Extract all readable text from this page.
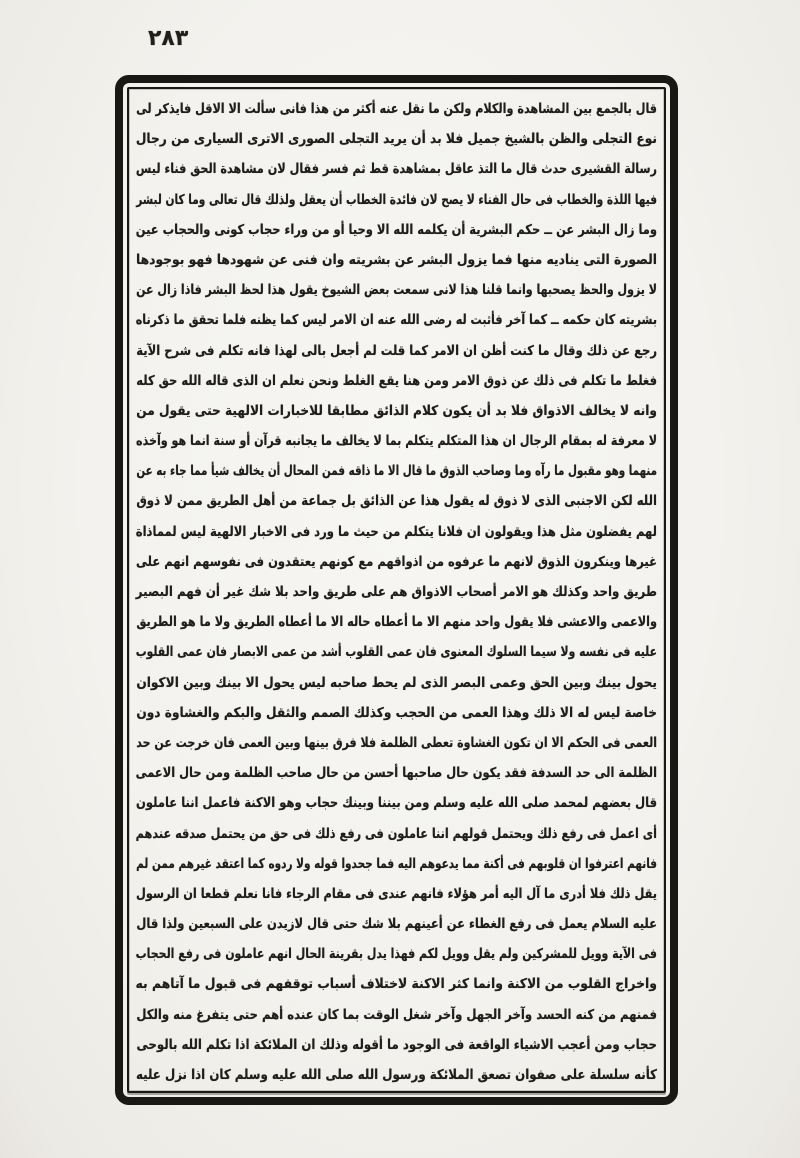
٢٨٣
قال بالجمع بين المشاهدة والكلام ولكن ما نقل عنه أكثر من هذا فانى سألت الا الاقل فايذكر لى
نوع التجلى والظن بالشيخ جميل فلا بد أن يريد التجلى الصورى الاترى السيارى من رجال
رسالة القشيرى حدث قال ما التذ عاقل بمشاهدة قط ثم فسر فقال لان مشاهدة الحق فناء ليس
فيها اللذة والخطاب فى حال الفناء لا يصح لان فائدة الخطاب أن يعقل ولذلك قال تعالى وما كان لبشر
وما زال البشر عن ــ حكم البشرية أن يكلمه الله الا وحيا أو من وراء حجاب كونى والحجاب عين
الصورة التى يناديه منها فما يزول البشر عن بشريته وان فنى عن شهودها فهو بوجودها
لا يزول والحظ يصحبها وانما قلنا هذا لانى سمعت بعض الشيوخ يقول هذا لحظ البشر فاذا زال عن
بشريته كان حكمه ــ كما آخر فأثبت له رضى الله عنه ان الامر ليس كما يظنه فلما تحقق ما ذكرناه
رجع عن ذلك وقال ما كنت أظن ان الامر كما قلت لم أجعل بالى لهذا فانه تكلم فى شرح الآية
فغلط ما تكلم فى ذلك عن ذوق الامر ومن هنا يقع الغلط ونحن نعلم ان الذى قاله الله حق كله
وانه لا يخالف الاذواق فلا بد أن يكون كلام الذائق مطابقا للاخبارات الالهية حتى يقول من
لا معرفة له بمقام الرجال ان هذا المتكلم يتكلم بما لا يخالف ما يجانبه قرآن أو سنة انما هو وآخذه
منهما وهو مقبول ما رآه وما وصاحب الذوق ما قال الا ما ذاقه فمن المحال أن يخالف شيأ مما جاء به عن
الله لكن الاجنبى الذى لا ذوق له يقول هذا عن الذائق بل جماعة من أهل الطريق ممن لا ذوق
لهم يفضلون مثل هذا ويقولون ان فلانا يتكلم من حيث ما ورد فى الاخبار الالهية ليس لمماذاة
غيرها وينكرون الذوق لانهم ما عرفوه من اذواقهم مع كونهم يعتقدون فى نفوسهم انهم على
طريق واحد وكذلك هو الامر أصحاب الاذواق هم على طريق واحد بلا شك غير أن فهم البصير
والاعمى والاعشى فلا يقول واحد منهم الا ما أعطاه حاله الا ما أعطاه الطريق ولا ما هو الطريق
عليه فى نفسه ولا سيما السلوك المعنوى فان عمى القلوب أشد من عمى الابصار فان عمى القلوب
يحول بينك وبين الحق وعمى البصر الذى لم يحط صاحبه ليس يحول الا بينك وبين الاكوان
خاصة ليس له الا ذلك وهذا العمى من الحجب وكذلك الصمم والثقل والبكم والغشاوة دون
العمى فى الحكم الا ان تكون الغشاوة تعطى الظلمة فلا فرق بينها وبين العمى فان خرجت عن حد
الظلمة الى حد السدفة فقد يكون حال صاحبها أحسن من حال صاحب الظلمة ومن حال الاعمى
قال بعضهم لمحمد صلى الله عليه وسلم ومن بيننا وبينك حجاب وهو الاكنة فاعمل اننا عاملون
أى اعمل فى رفع ذلك ويحتمل قولهم اننا عاملون فى رفع ذلك فى حق من يحتمل صدقه عندهم
فانهم اعترفوا ان قلوبهم فى أكنة مما يدعوهم اليه فما جحدوا قوله ولا ردوه كما اعتقد غيرهم ممن لم
يقل ذلك فلا أدرى ما آل اليه أمر هؤلاء فانهم عندى فى مقام الرجاء فانا نعلم قطعا ان الرسول
عليه السلام يعمل فى رفع الغطاء عن أعينهم بلا شك حتى قال لازيدن على السبعين ولذا قال
فى الآية وويل للمشركين ولم يقل وويل لكم فهذا يدل بقرينة الحال انهم عاملون فى رفع الحجاب
واخراج القلوب من الاكنة وانما كثر الاكنة لاختلاف أسباب توقفهم فى قبول ما آتاهم به
فمنهم من كنه الحسد وآخر الجهل وآخر شغل الوقت بما كان عنده أهم حتى يتفرغ منه والكل
حجاب ومن أعجب الاشياء الواقعة فى الوجود ما أقوله وذلك ان الملائكة اذا تكلم الله بالوحى
كأنه سلسلة على صفوان تصعق الملائكة ورسول الله صلى الله عليه وسلم كان اذا نزل عليه
